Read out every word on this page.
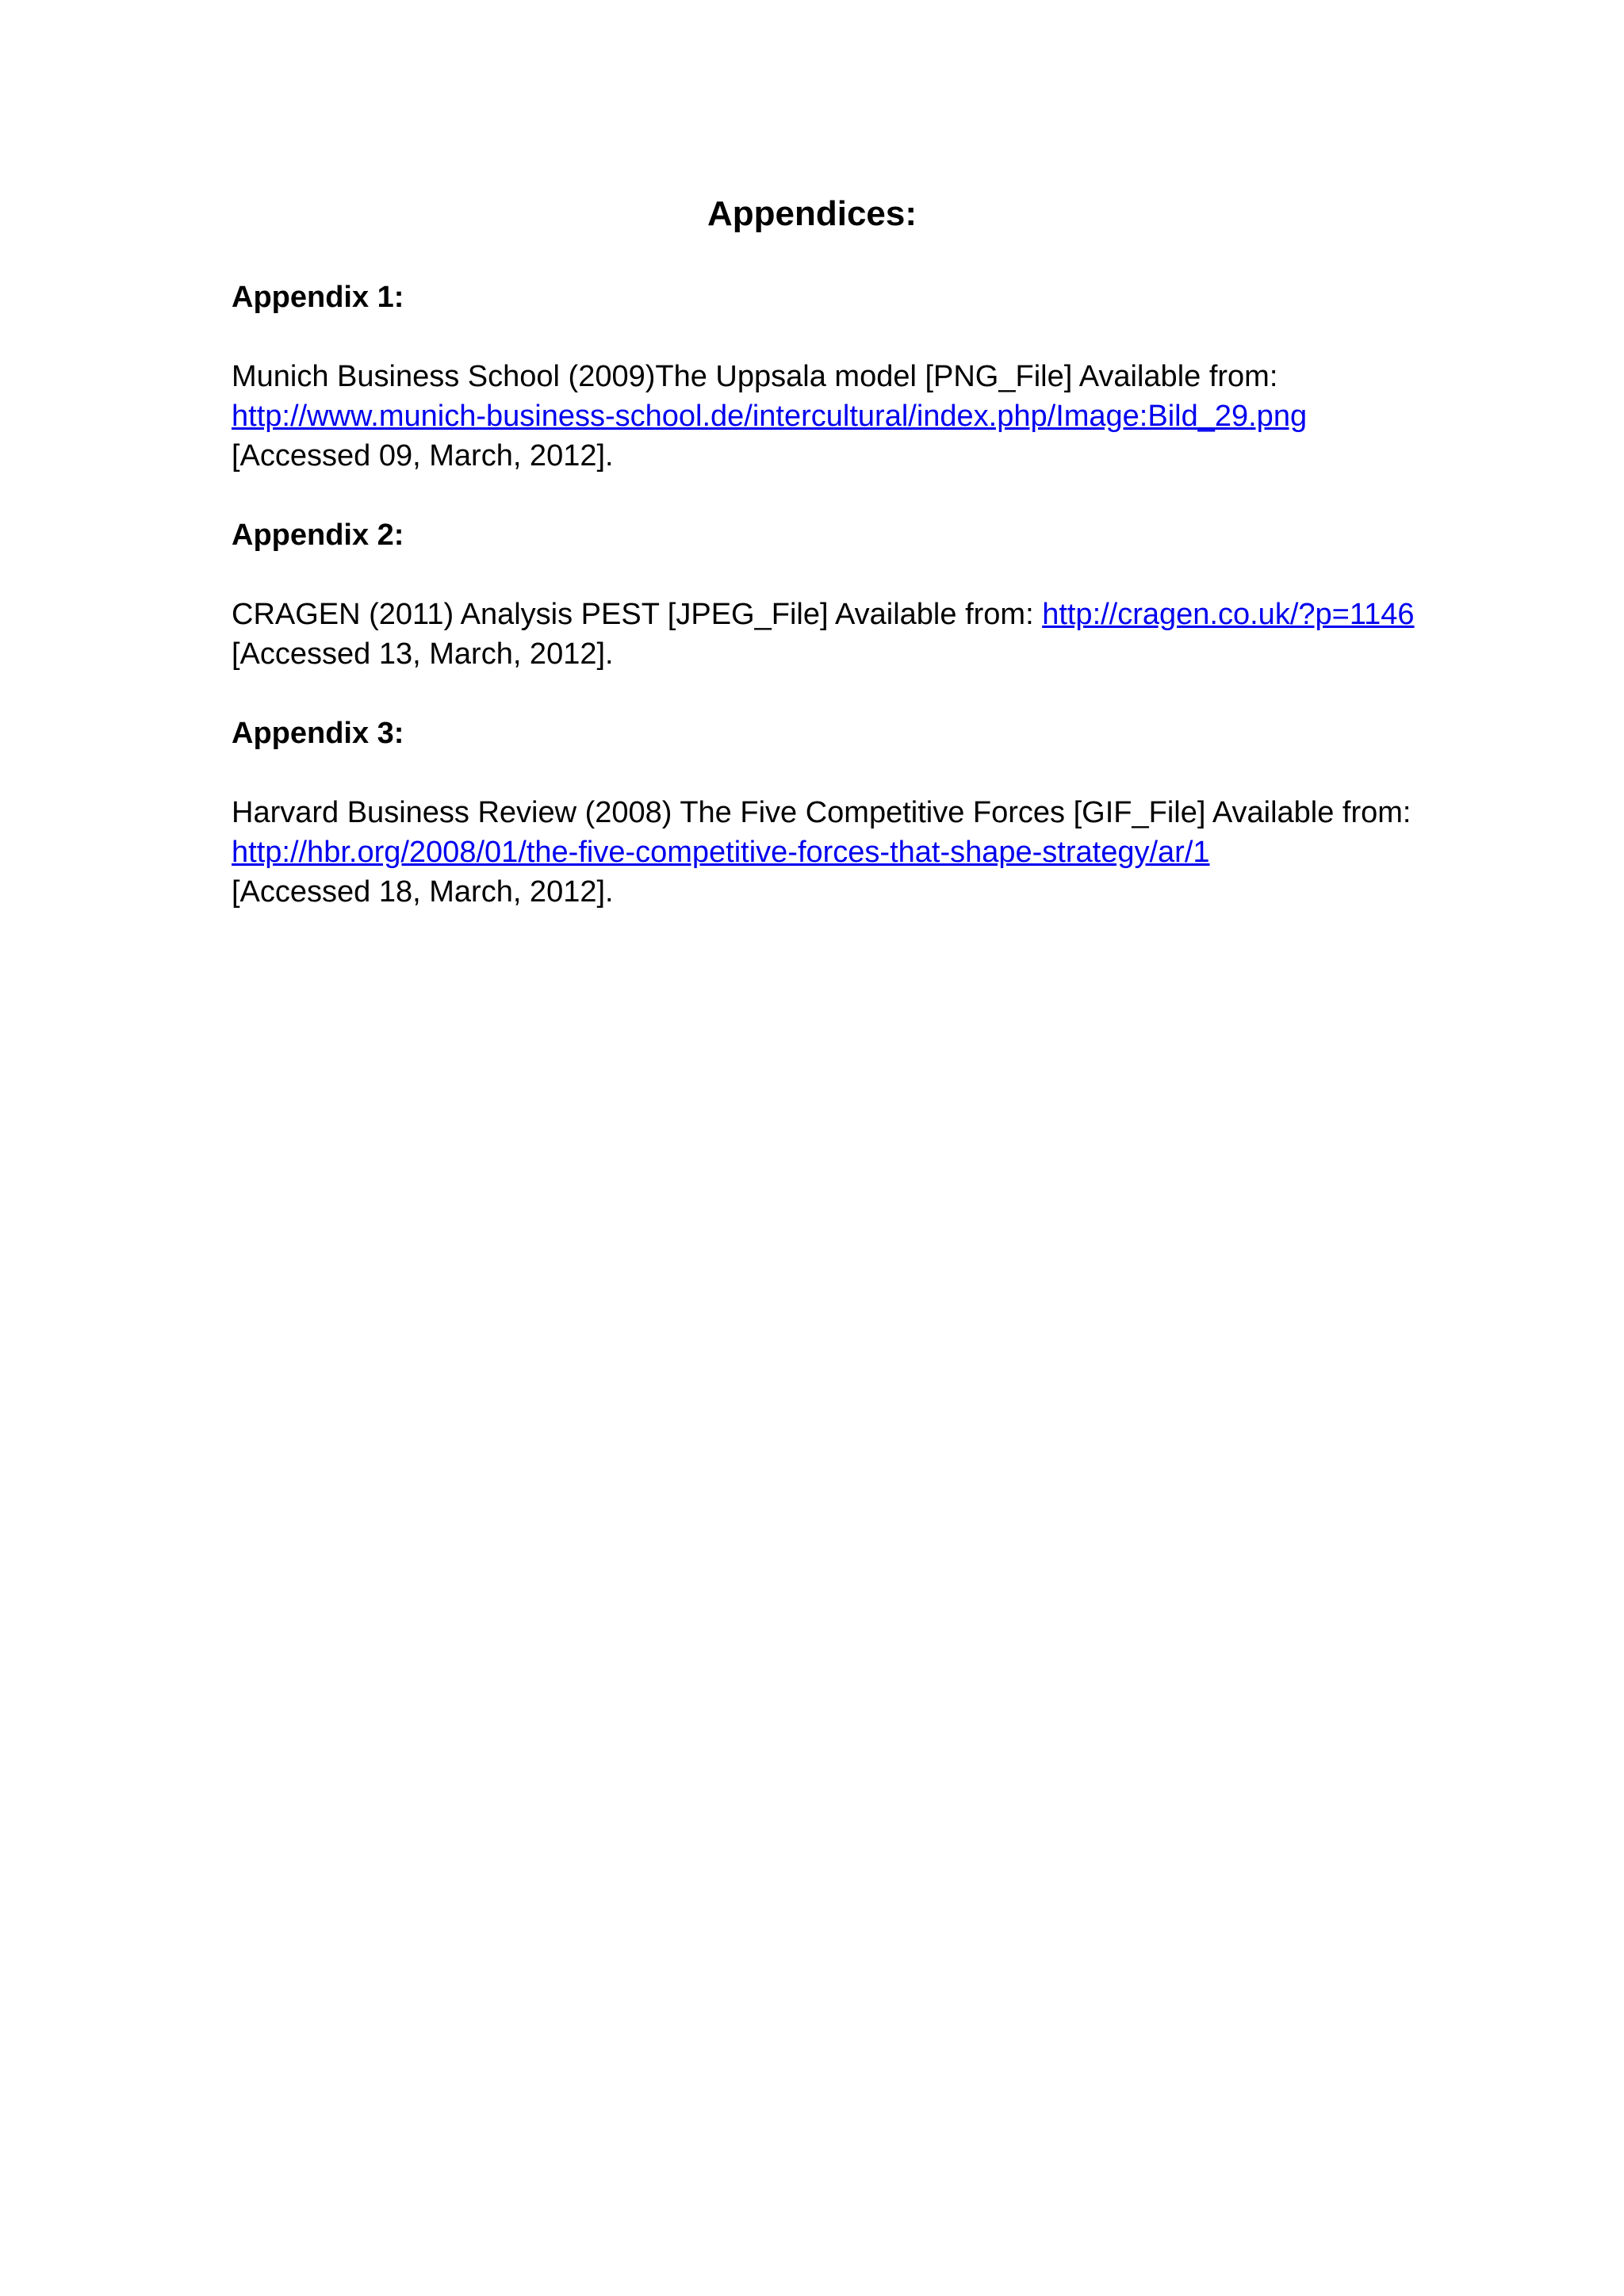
Appendices:

Appendix 1:

Munich Business School (2009)The Uppsala model [PNG_File] Available from:
http://www.munich-business-school.de/intercultural/index.php/Image:Bild_29.png
[Accessed 09, March, 2012].

Appendix 2:

CRAGEN (2011) Analysis PEST [JPEG_File] Available from: http://cragen.co.uk/?p=1146
[Accessed 13, March, 2012].

Appendix 3:

Harvard Business Review (2008) The Five Competitive Forces [GIF_File] Available from:
http://hbr.org/2008/01/the-five-competitive-forces-that-shape-strategy/ar/1
[Accessed 18, March, 2012].
